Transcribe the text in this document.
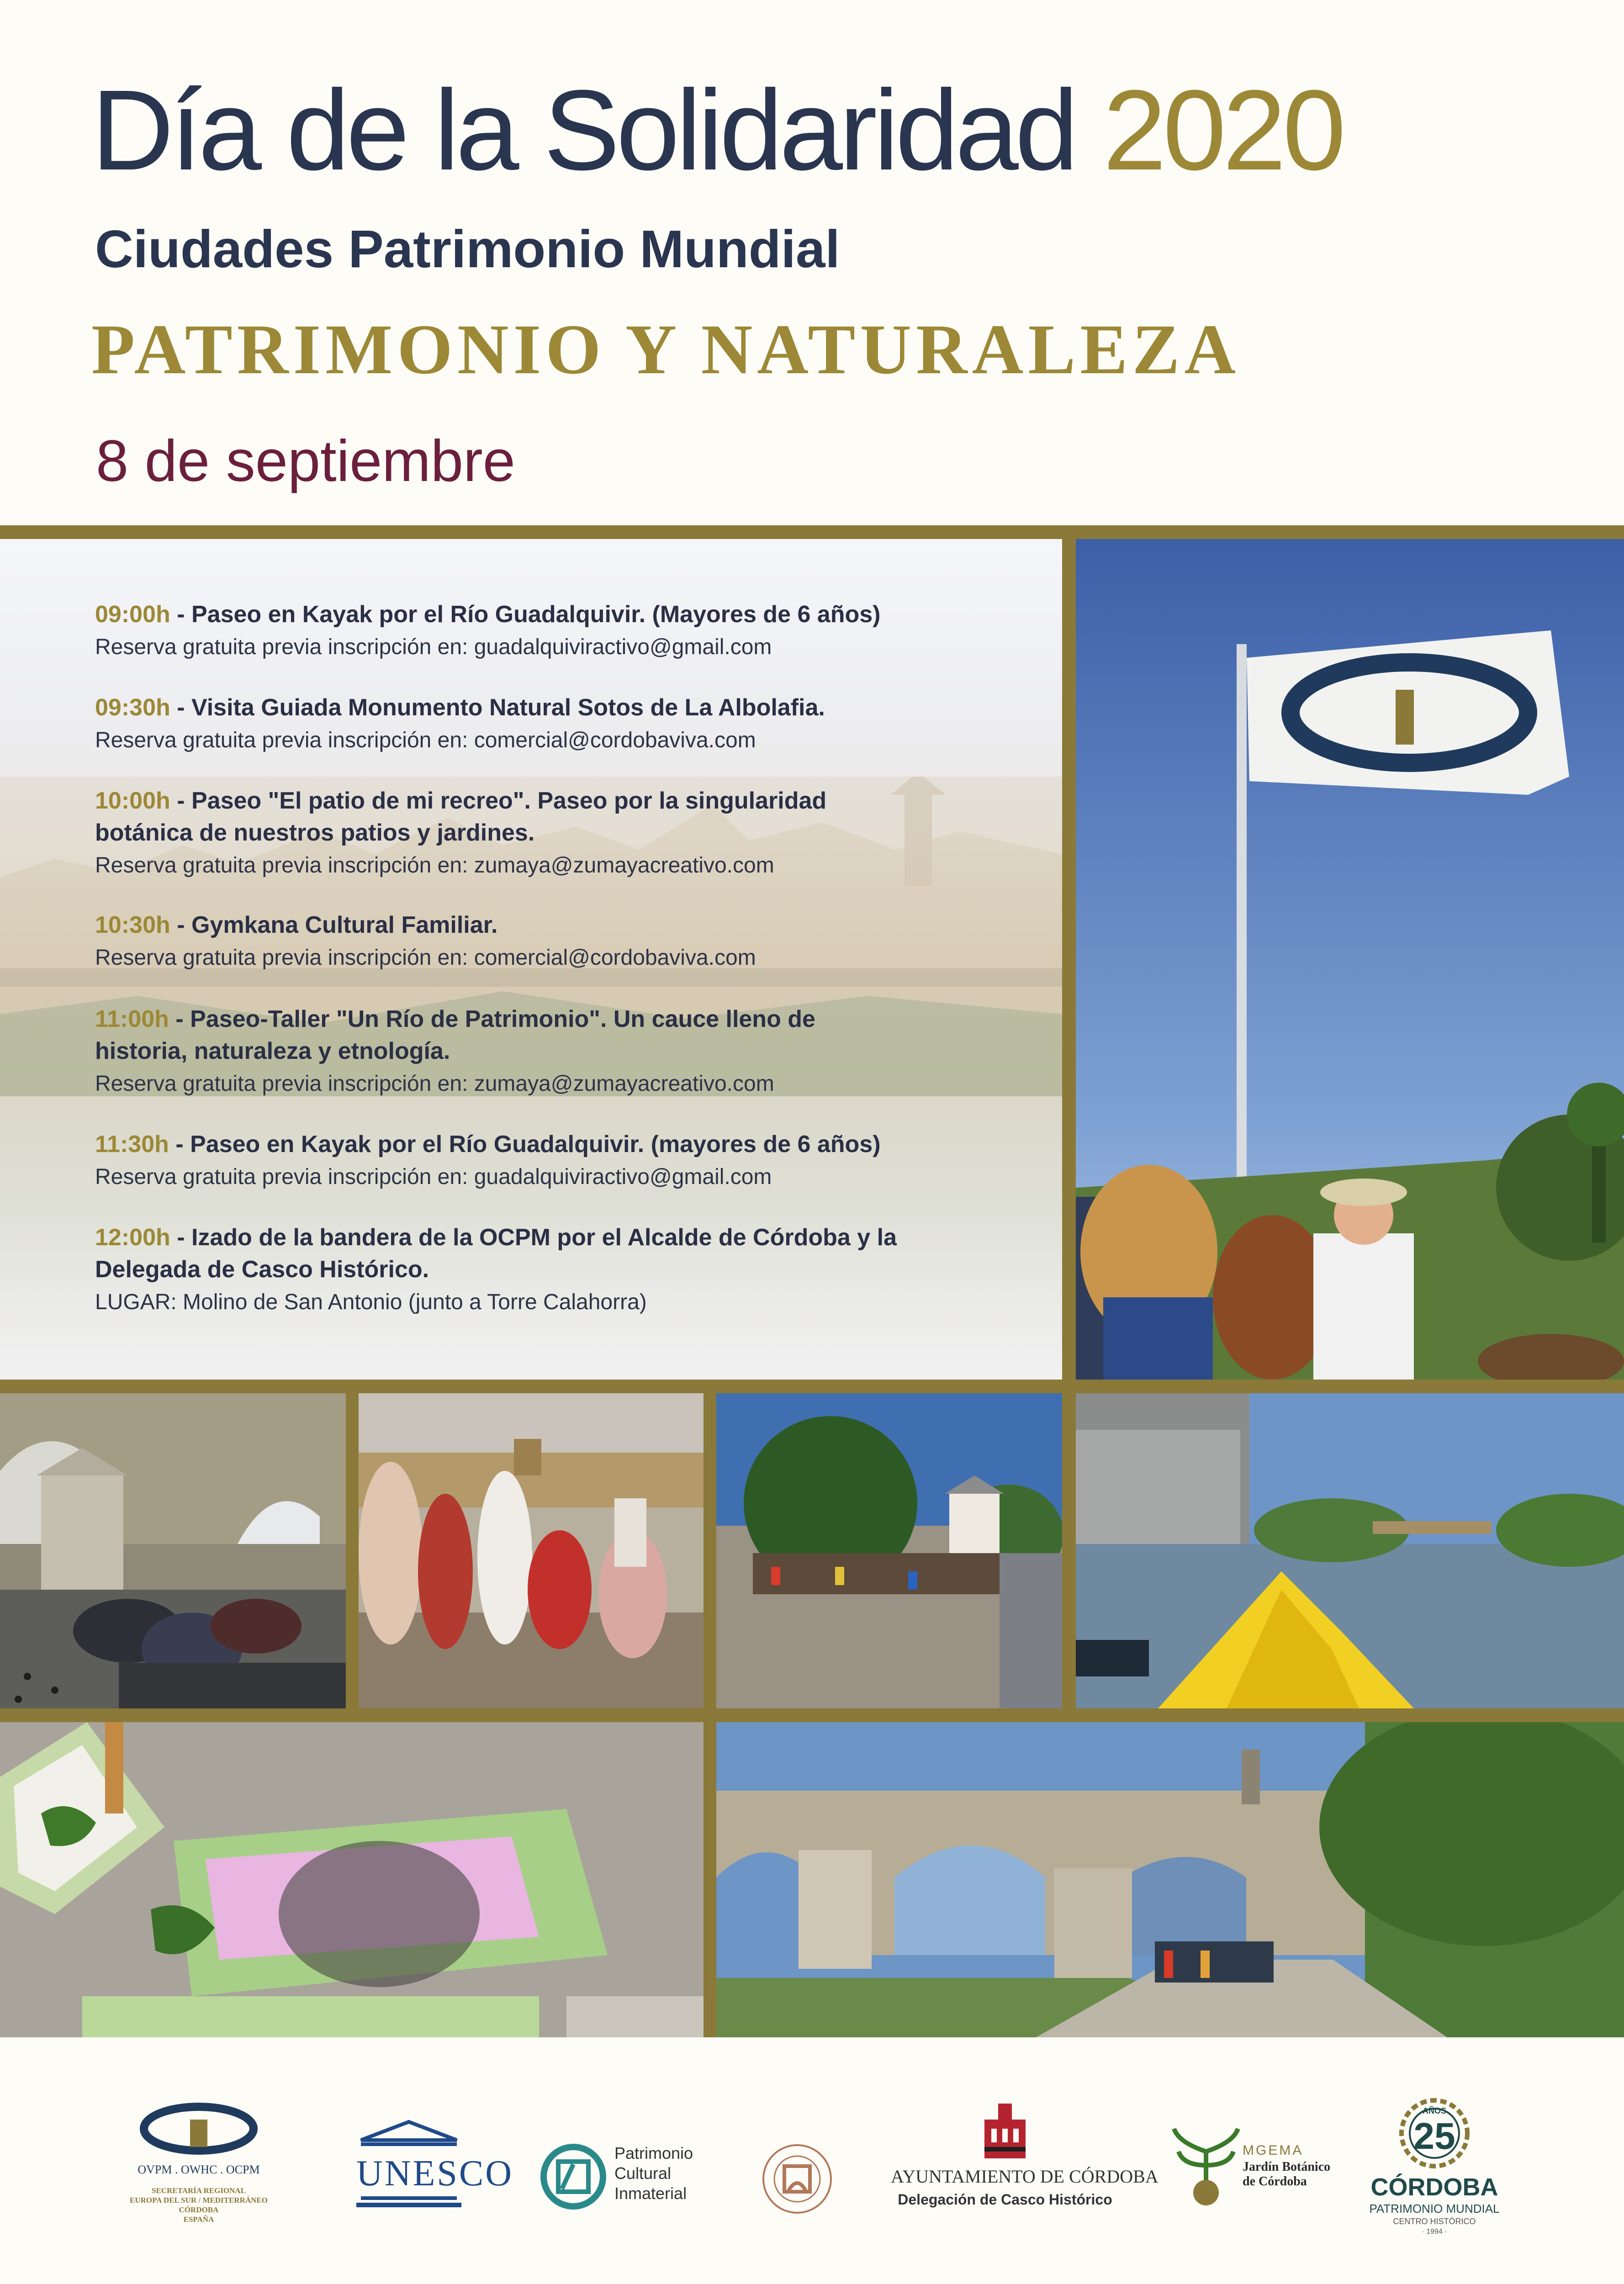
Día de la Solidaridad 2020
Ciudades Patrimonio Mundial
PATRIMONIO Y NATURALEZA
8 de septiembre
09:00h - Paseo en Kayak por el Río Guadalquivir. (Mayores de 6 años)
Reserva gratuita previa inscripción en: guadalquiviractivo@gmail.com
09:30h - Visita Guiada Monumento Natural Sotos de La Albolafia.
Reserva gratuita previa inscripción en: comercial@cordobaviva.com
10:00h - Paseo "El patio de mi recreo". Paseo por la singularidad
botánica de nuestros patios y jardines.
Reserva gratuita previa inscripción en: zumaya@zumayacreativo.com
10:30h - Gymkana Cultural Familiar.
Reserva gratuita previa inscripción en: comercial@cordobaviva.com
11:00h - Paseo-Taller "Un Río de Patrimonio". Un cauce lleno de
historia, naturaleza y etnología.
Reserva gratuita previa inscripción en: zumaya@zumayacreativo.com
11:30h - Paseo en Kayak por el Río Guadalquivir. (mayores de 6 años)
Reserva gratuita previa inscripción en: guadalquiviractivo@gmail.com
12:00h - Izado de la bandera de la OCPM por el Alcalde de Córdoba y la
Delegada de Casco Histórico.
LUGAR: Molino de San Antonio (junto a Torre Calahorra)
OVPM . OWHC . OCPM
SECRETARÍA REGIONAL
EUROPA DEL SUR / MEDITERRÁNEO
CÓRDOBA
ESPAÑA
UNESCO
Patrimonio
Cultural
Inmaterial
AYUNTAMIENTO DE CÓRDOBA
Delegación de Casco Histórico
MGEMA
Jardín Botánico
de Córdoba
AÑOS
25
CÓRDOBA
PATRIMONIO MUNDIAL
CENTRO HISTÓRICO
· 1994 ·
